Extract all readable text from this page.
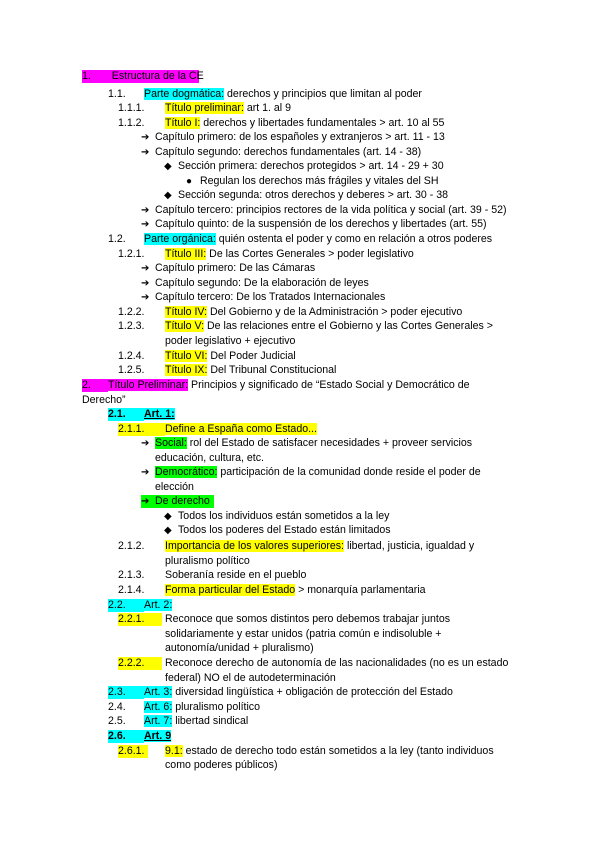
1. Estructura de la CE
1.1. Parte dogmática: derechos y principios que limitan al poder
1.1.1. Título preliminar: art 1. al 9
1.1.2. Título I: derechos y libertades fundamentales > art. 10 al 55
➔ Capítulo primero: de los españoles y extranjeros > art. 11 - 13
➔ Capítulo segundo: derechos fundamentales (art. 14 - 38)
◆ Sección primera: derechos protegidos > art. 14 - 29 + 30
● Regulan los derechos más frágiles y vitales del SH
◆ Sección segunda: otros derechos y deberes > art. 30 - 38
➔ Capítulo tercero: principios rectores de la vida política y social (art. 39 - 52)
➔ Capítulo quinto: de la suspensión de los derechos y libertades (art. 55)
1.2. Parte orgánica: quién ostenta el poder y como en relación a otros poderes
1.2.1. Título III: De las Cortes Generales > poder legislativo
➔ Capítulo primero: De las Cámaras
➔ Capítulo segundo: De la elaboración de leyes
➔ Capítulo tercero: De los Tratados Internacionales
1.2.2. Título IV: Del Gobierno y de la Administración > poder ejecutivo
1.2.3. Título V: De las relaciones entre el Gobierno y las Cortes Generales >
poder legislativo + ejecutivo
1.2.4. Título VI: Del Poder Judicial
1.2.5. Título IX: Del Tribunal Constitucional
2. Título Preliminar: Principios y significado de “Estado Social y Democrático de
Derecho”
2.1. Art. 1:
2.1.1. Define a España como Estado...
➔ Social: rol del Estado de satisfacer necesidades + proveer servicios
educación, cultura, etc.
➔ Democrático: participación de la comunidad donde reside el poder de
elección
➔ De derecho
◆ Todos los individuos están sometidos a la ley
◆ Todos los poderes del Estado están limitados
2.1.2. Importancia de los valores superiores: libertad, justicia, igualdad y
pluralismo político
2.1.3. Soberanía reside en el pueblo
2.1.4. Forma particular del Estado > monarquía parlamentaria
2.2. Art. 2:
2.2.1.	Reconoce que somos distintos pero debemos trabajar juntos
solidariamente y estar unidos (patria común e indisoluble +
autonomía/unidad + pluralismo)
2.2.2.	Reconoce derecho de autonomía de las nacionalidades (no es un estado
federal) NO el de autodeterminación
2.3. Art. 3: diversidad lingüística + obligación de protección del Estado
2.4. Art. 6: pluralismo político
2.5. Art. 7: libertad sindical
2.6. Art. 9
2.6.1.	9.1: estado de derecho todo están sometidos a la ley (tanto individuos
como poderes públicos)
